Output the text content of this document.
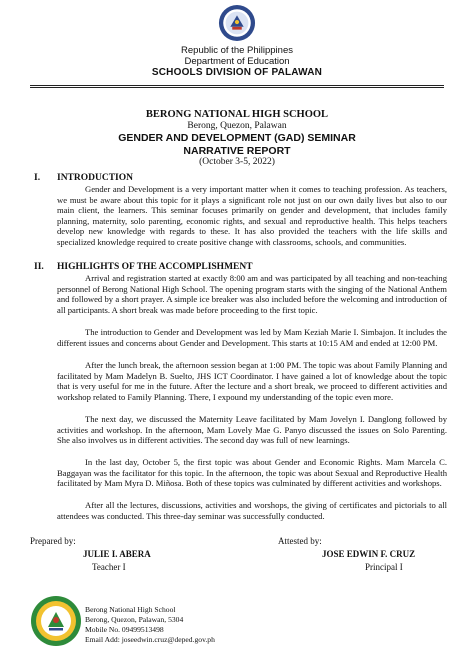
Republic of the Philippines
Department of Education
SCHOOLS DIVISION OF PALAWAN
BERONG NATIONAL HIGH SCHOOL
Berong, Quezon, Palawan
GENDER AND DEVELOPMENT (GAD) SEMINAR
NARRATIVE REPORT
(October 3-5, 2022)
I. INTRODUCTION

Gender and Development is a very important matter when it comes to teaching profession. As teachers, we must be aware about this topic for it plays a significant role not just on our own daily lives but also to our main client, the learners. This seminar focuses primarily on gender and development, that includes family planning, maternity, solo parenting, economic rights, and sexual and reproductive health. This helps teachers develop new knowledge with regards to these. It has also provided the teachers with the life skills and specialized knowledge required to create positive change with classrooms, schools, and communities.

II. HIGHLIGHTS OF THE ACCOMPLISHMENT

Arrival and registration started at exactly 8:00 am and was participated by all teaching and non-teaching personnel of Berong National High School. The opening program starts with the singing of the National Anthem and followed by a short prayer. A simple ice breaker was also included before the welcoming and introduction of all participants. A short break was made before proceeding to the first topic.

The introduction to Gender and Development was led by Mam Keziah Marie I. Simbajon. It includes the different issues and concerns about Gender and Development. This starts at 10:15 AM and ended at 12:00 PM.

After the lunch break, the afternoon session began at 1:00 PM. The topic was about Family Planning and facilitated by Mam Madelyn B. Suelto, JHS ICT Coordinator. I have gained a lot of knowledge about the topic that is very useful for me in the future. After the lecture and a short break, we proceed to different activities and workshop related to Family Planning. There, I expound my understanding of the topic even more.

The next day, we discussed the Maternity Leave facilitated by Mam Jovelyn I. Danglong followed by activities and workshop. In the afternoon, Mam Lovely Mae G. Panyo discussed the issues on Solo Parenting. She also involves us in different activities. The second day was full of new learnings.

In the last day, October 5, the first topic was about Gender and Economic Rights. Mam Marcela C. Baggayan was the facilitator for this topic. In the afternoon, the topic was about Sexual and Reproductive Health facilitated by Mam Myra D. Miñosa. Both of these topics was culminated by different activities and workshops.

After all the lectures, discussions, activities and worshops, the giving of certificates and pictorials to all attendees was conducted. This three-day seminar was successfully conducted.

Prepared by:	Attested by:
JULIE I. ABERA	JOSE EDWIN F. CRUZ
Teacher I	Principal I
Berong National High School
Berong, Quezon, Palawan, 5304
Mobile No. 09499513498
Email Add: joseedwin.cruz@deped.gov.ph
